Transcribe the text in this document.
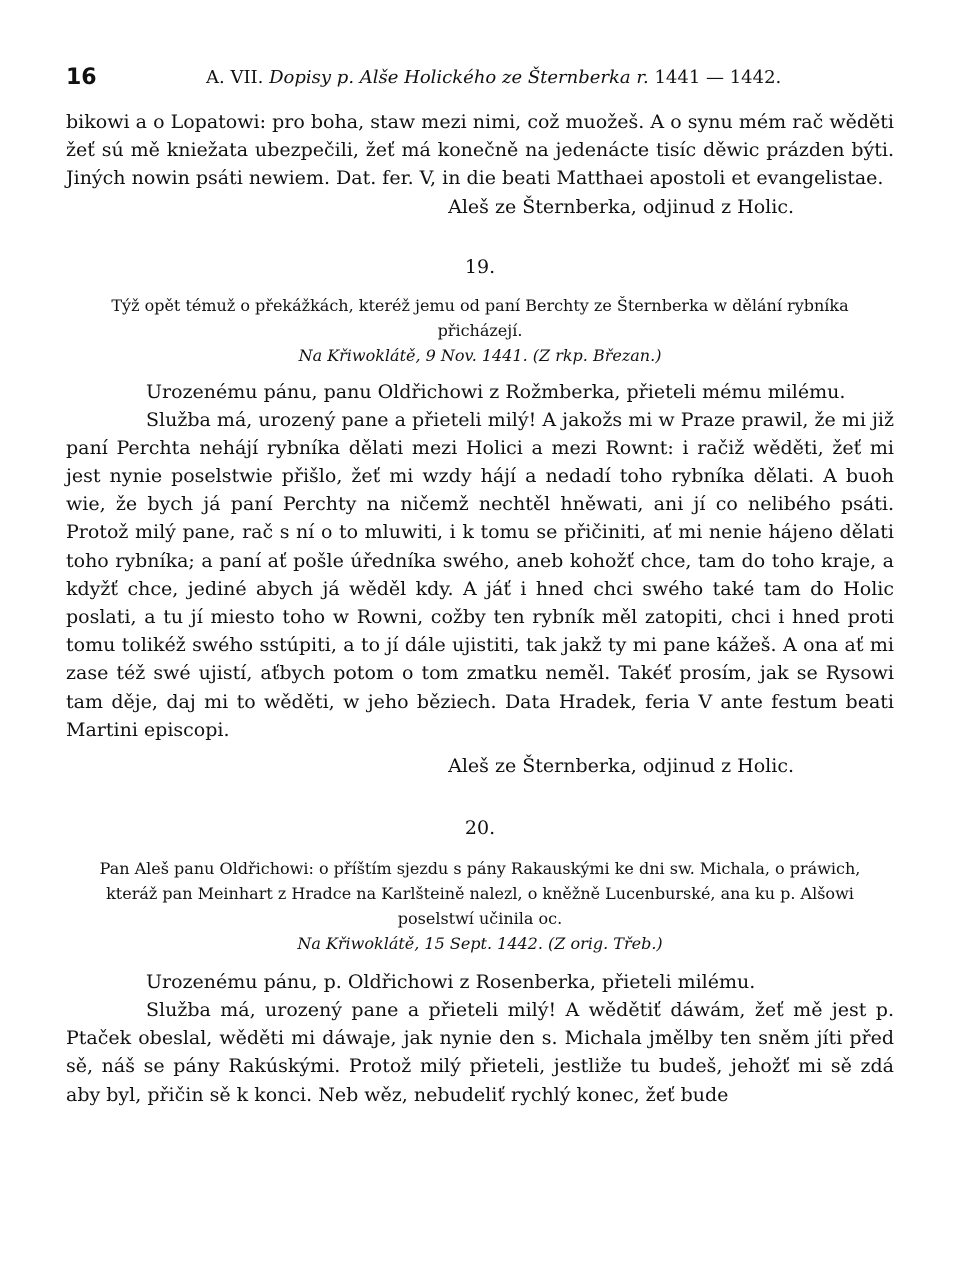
16	A. VII. Dopisy p. Alše Holického ze Šternberka r. 1441 — 1442.

bikowi a o Lopatowi: pro boha, staw mezi nimi, což muožeš. A o synu mém rač wěděti žeť sú mě kniežata ubezpečili, žeť má konečně na jedenácte tisíc děwic prázden býti. Jiných nowin psáti newiem. Dat. fer. V, in die beati Matthaei apostoli et evangelistae.

Aleš ze Šternberka, odjinud z Holic.

19.

Týž opět témuž o překážkách, kteréž jemu od paní Berchty ze Šternberka w dělání rybníka přicházejí.

Na Křiwoklátě, 9 Nov. 1441. (Z rkp. Březan.)

Urozenému pánu, panu Oldřichowi z Rožmberka, přieteli mému milému.

Služba má, urozený pane a přieteli milý! A jakožs mi w Praze prawil, že mi již paní Perchta nehájí rybníka dělati mezi Holici a mezi Rownt: i račiž wěděti, žeť mi jest nynie poselstwie přišlo, žeť mi wzdy hájí a nedadí toho rybníka dělati. A buoh wie, že bych já paní Perchty na ničemž nechtěl hněwati, ani jí co nelibého psáti. Protož milý pane, rač s ní o to mluwiti, i k tomu se přičiniti, ať mi nenie hájeno dělati toho rybníka; a paní ať pošle úředníka swého, aneb kohožť chce, tam do toho kraje, a kdyžť chce, jediné abych já wěděl kdy. A jáť i hned chci swého také tam do Holic poslati, a tu jí miesto toho w Rowni, cožby ten rybník měl zatopiti, chci i hned proti tomu tolikéž swého sstúpiti, a to jí dále ujistiti, tak jakž ty mi pane kážeš. A ona ať mi zase též swé ujistí, aťbych potom o tom zmatku neměl. Takéť prosím, jak se Rysowi tam děje, daj mi to wěděti, w jeho běziech. Data Hradek, feria V ante festum beati Martini episcopi.

Aleš ze Šternberka, odjinud z Holic.

20.

Pan Aleš panu Oldřichowi: o příštím sjezdu s pány Rakauskými ke dni sw. Michala, o práwich, kteráž pan Meinhart z Hradce na Karlšteině nalezl, o kněžně Lucenburské, ana ku p. Alšowi poselstwí učinila oc.

Na Křiwoklátě, 15 Sept. 1442. (Z orig. Třeb.)

Urozenému pánu, p. Oldřichowi z Rosenberka, přieteli milému.

Služba má, urozený pane a přieteli milý! A wědětiť dáwám, žeť mě jest p. Ptaček obeslal, wěděti mi dáwaje, jak nynie den s. Michala jmělby ten sněm jíti před sě, náš se pány Rakúskými. Protož milý přieteli, jestliže tu budeš, jehožť mi sě zdá aby byl, přičin sě k konci. Neb wěz, nebudeliť rychlý konec, žeť bude
